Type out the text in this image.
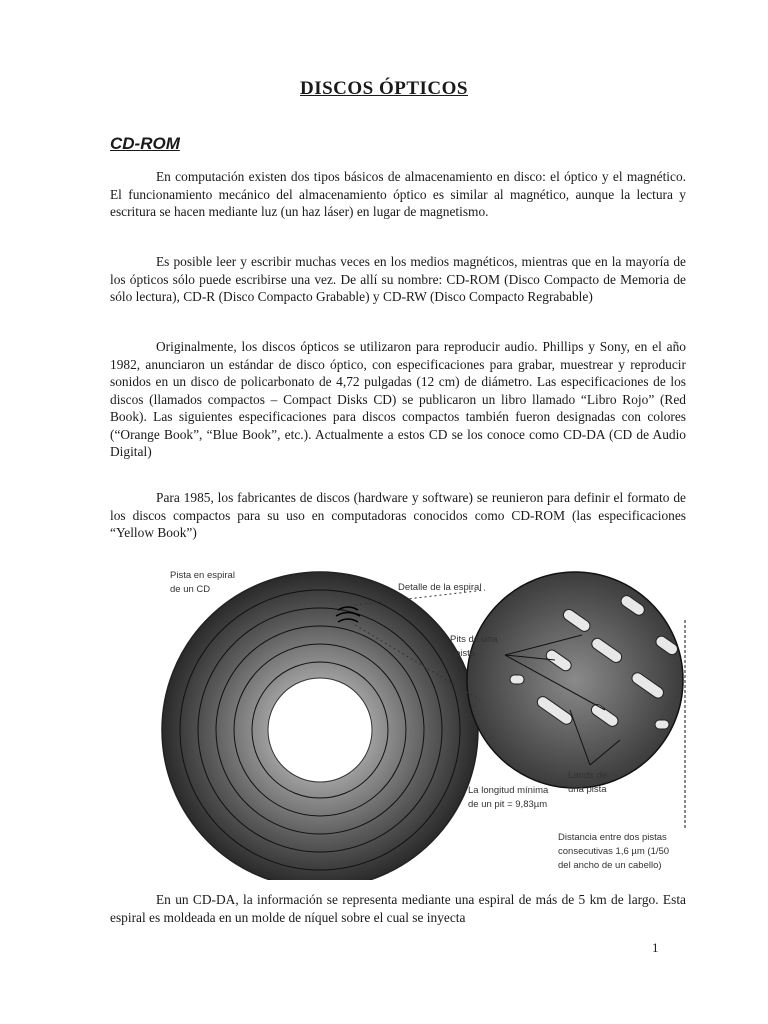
DISCOS ÓPTICOS
CD-ROM

En computación existen dos tipos básicos de almacenamiento en disco: el óptico y el magnético. El funcionamiento mecánico del almacenamiento óptico es similar al magnético, aunque la lectura y escritura se hacen mediante luz (un haz láser) en lugar de magnetismo.

Es posible leer y escribir muchas veces en los medios magnéticos, mientras que en la mayoría de los ópticos sólo puede escribirse una vez. De allí su nombre: CD-ROM (Disco Compacto de Memoria de sólo lectura), CD-R (Disco Compacto Grabable) y CD-RW (Disco Compacto Regrabable)

Originalmente, los discos ópticos se utilizaron para reproducir audio. Phillips y Sony, en el año 1982, anunciaron un estándar de disco óptico, con especificaciones para grabar, muestrear y reproducir sonidos en un disco de policarbonato de 4,72 pulgadas (12 cm) de diámetro. Las especificaciones de los discos (llamados compactos – Compact Disks CD) se publicaron un libro llamado “Libro Rojo” (Red Book). Las siguientes especificaciones para discos compactos también fueron designadas con colores (“Orange Book”, “Blue Book”, etc.). Actualmente a estos CD se los conoce como CD-DA (CD de Audio Digital)

Para 1985, los fabricantes de discos (hardware y software) se reunieron para definir el formato de los discos compactos para su uso en computadoras conocidos como CD-ROM (las especificaciones “Yellow Book”)

Pista en espiral
de un CD	Detalle de la espiral
Pits de una
pista
Lands de
una pista
La longitud mínima
de un pit = 9,83µm
Distancia entre dos pistas
consecutivas 1,6 µm (1/50
del ancho de un cabello)

En un CD-DA, la información se representa mediante una espiral de más de 5 km de largo. Esta espiral es moldeada en un molde de níquel sobre el cual se inyecta

1
